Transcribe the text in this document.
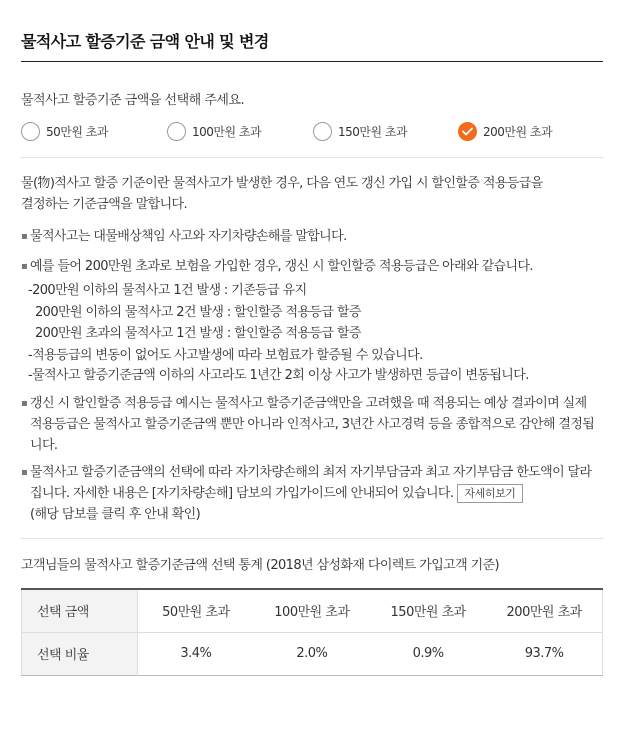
물적사고 할증기준 금액 안내 및 변경
물적사고 할증기준 금액을 선택해 주세요.
50만원 초과	100만원 초과	150만원 초과	200만원 초과
물(物)적사고 할증 기준이란 물적사고가 발생한 경우, 다음 연도 갱신 가입 시 할인할증 적용등급을
결정하는 기준금액을 말합니다.
▪ 물적사고는 대물배상책임 사고와 자기차량손해를 말합니다.
▪ 예를 들어 200만원 초과로 보험을 가입한 경우, 갱신 시 할인할증 적용등급은 아래와 같습니다.
-200만원 이하의 물적사고 1건 발생 : 기존등급 유지
200만원 이하의 물적사고 2건 발생 : 할인할증 적용등급 할증
200만원 초과의 물적사고 1건 발생 : 할인할증 적용등급 할증
-적용등급의 변동이 없어도 사고발생에 따라 보험료가 할증될 수 있습니다.
-물적사고 할증기준금액 이하의 사고라도 1년간 2회 이상 사고가 발생하면 등급이 변동됩니다.
▪ 갱신 시 할인할증 적용등급 예시는 물적사고 할증기준금액만을 고려했을 때 적용되는 예상 결과이며 실제
적용등급은 물적사고 할증기준금액 뿐만 아니라 인적사고, 3년간 사고경력 등을 종합적으로 감안해 결정됩
니다.
▪ 물적사고 할증기준금액의 선택에 따라 자기차량손해의 최저 자기부담금과 최고 자기부담금 한도액이 달라
집니다. 자세한 내용은 [자기차량손해] 담보의 가입가이드에 안내되어 있습니다. 자세히보기
(해당 담보를 클릭 후 안내 확인)
고객님들의 물적사고 할증기준금액 선택 통계 (2018년 삼성화재 다이렉트 가입고객 기준)
선택 금액	50만원 초과	100만원 초과	150만원 초과	200만원 초과
선택 비율	3.4%	2.0%	0.9%	93.7%
